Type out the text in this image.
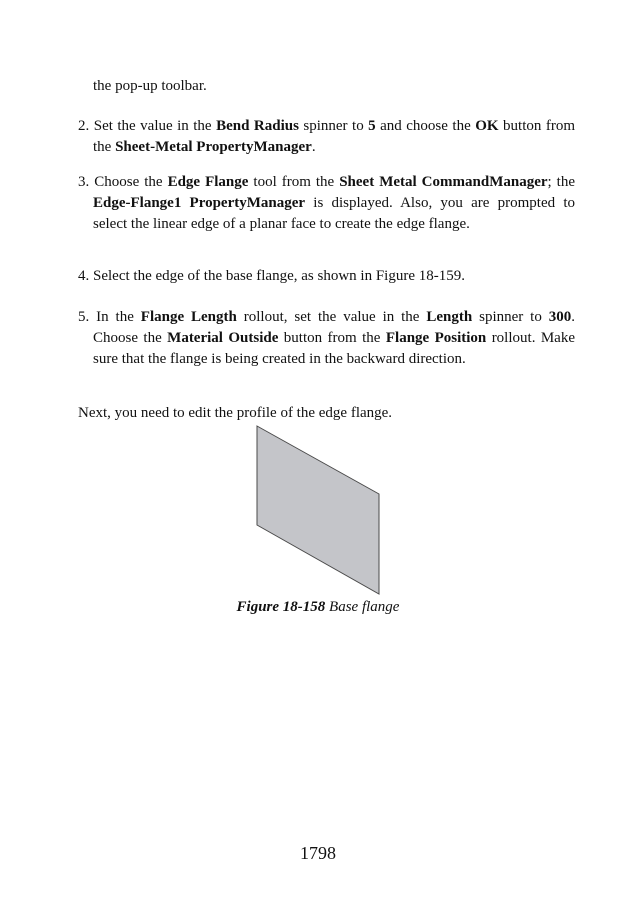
the pop-up toolbar.

2. Set the value in the Bend Radius spinner to 5 and choose the OK button from the Sheet-Metal PropertyManager.

3. Choose the Edge Flange tool from the Sheet Metal CommandManager; the Edge-Flange1 PropertyManager is displayed. Also, you are prompted to select the linear edge of a planar face to create the edge flange.

4. Select the edge of the base flange, as shown in Figure 18-159.

5. In the Flange Length rollout, set the value in the Length spinner to 300. Choose the Material Outside button from the Flange Position rollout. Make sure that the flange is being created in the backward direction.

Next, you need to edit the profile of the edge flange.

Figure 18-158 Base flange

1798
